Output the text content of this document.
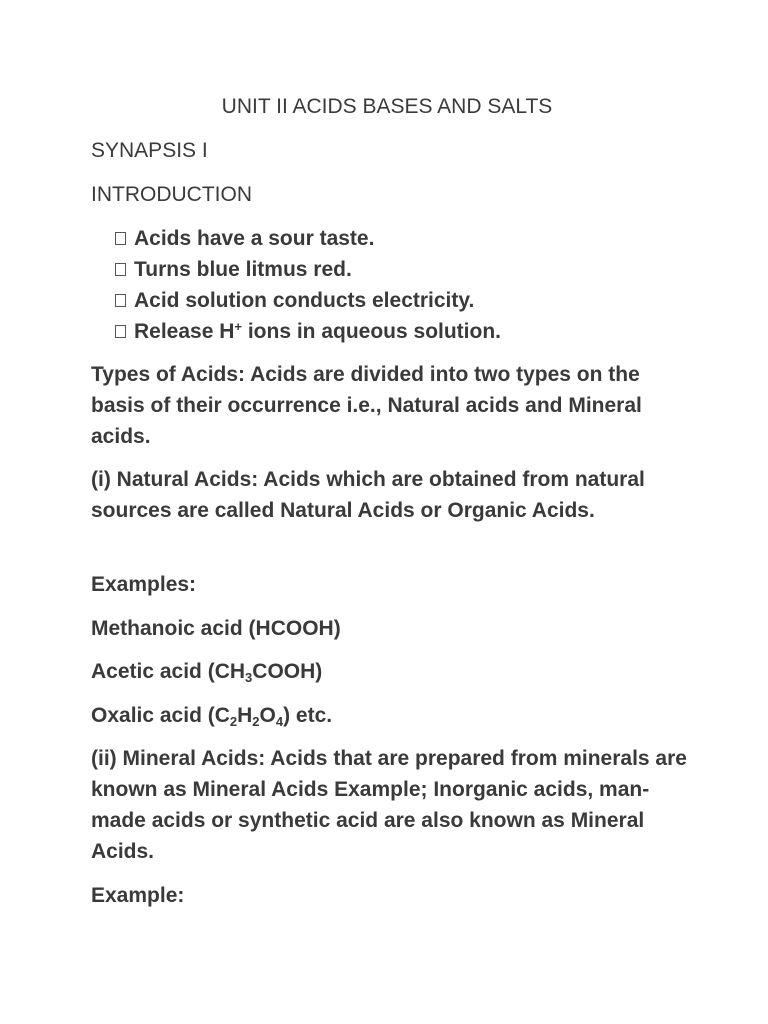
UNIT II ACIDS BASES AND SALTS
SYNAPSIS I
INTRODUCTION
Acids have a sour taste.
Turns blue litmus red.
Acid solution conducts electricity.
Release H+ ions in aqueous solution.
Types of Acids: Acids are divided into two types on the basis of their occurrence i.e., Natural acids and Mineral acids.
(i) Natural Acids: Acids which are obtained from natural sources are called Natural Acids or Organic Acids.
Examples:
Methanoic acid (HCOOH)
Acetic acid $(CH_3COOH)$
Oxalic acid $(C_2H_2O_4)$ etc.
(ii) Mineral Acids: Acids that are prepared from minerals are known as Mineral Acids Example; Inorganic acids, man-made acids or synthetic acid are also known as Mineral Acids.
Example:
